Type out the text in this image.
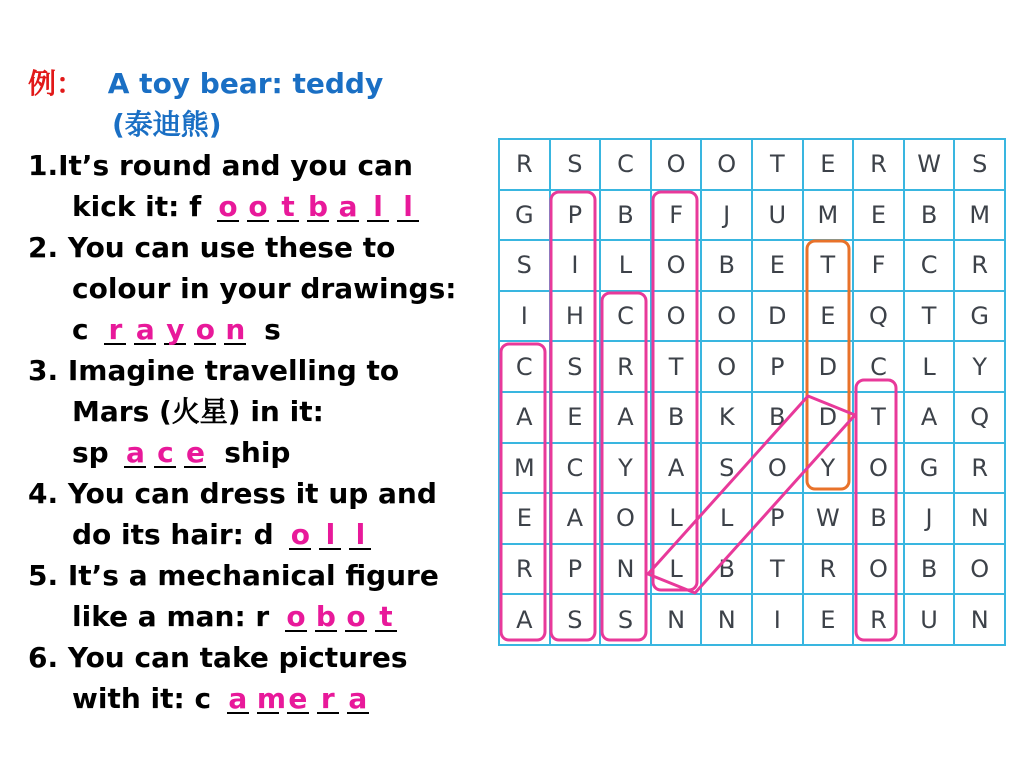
例： A toy bear: teddy
(泰迪熊)
1.It’s round and you can
kick it: f o o t b a l l
2. You can use these to
colour in your drawings:
c r a y o n s
3. Imagine travelling to
Mars (火星) in it:
sp a c e ship
4. You can dress it up and
do its hair: d o l l
5. It’s a mechanical figure
like a man: r o b o t
6. You can take pictures
with it: c a me r a
R	S	C	O	O	T	E	R	W	S
G	P	B	F	J	U	M	E	B	M
S	I	L	O	B	E	T	F	C	R
I	H	C	O	O	D	E	Q	T	G
C	S	R	T	O	P	D	C	L	Y
A	E	A	B	K	B	D	T	A	Q
M	C	Y	A	S	O	Y	O	G	R
E	A	O	L	L	P	W	B	J	N
R	P	N	L	B	T	R	O	B	O
A	S	S	N	N	I	E	R	U	N
